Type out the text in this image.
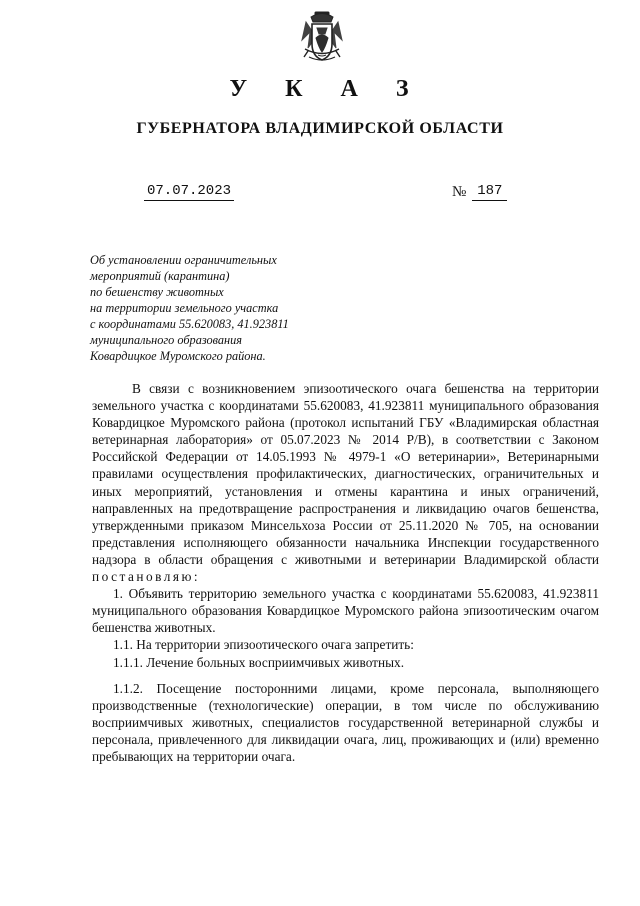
У К А З
ГУБЕРНАТОРА ВЛАДИМИРСКОЙ ОБЛАСТИ
07.07.2023	№ 187
Об установлении ограничительных
мероприятий (карантина)
по бешенству животных
на территории земельного участка
с координатами 55.620083, 41.923811
муниципального образования
Ковардицкое Муромского района.

В связи с возникновением эпизоотического очага бешенства на территории земельного участка с координатами 55.620083, 41.923811 муниципального образования Ковардицкое Муромского района (протокол испытаний ГБУ «Владимирская областная ветеринарная лаборатория» от 05.07.2023 № 2014 Р/В), в соответствии с Законом Российской Федерации от 14.05.1993 № 4979-1 «О ветеринарии», Ветеринарными правилами осуществления профилактических, диагностических, ограничительных и иных мероприятий, установления и отмены карантина и иных ограничений, направленных на предотвращение распространения и ликвидацию очагов бешенства, утвержденными приказом Минсельхоза России от 25.11.2020 № 705, на основании представления исполняющего обязанности начальника Инспекции государственного надзора в области обращения с животными и ветеринарии Владимирской области постановляю:

1. Объявить территорию земельного участка с координатами 55.620083, 41.923811 муниципального образования Ковардицкое Муромского района эпизоотическим очагом бешенства животных.

1.1. На территории эпизоотического очага запретить:

1.1.1. Лечение больных восприимчивых животных.

1.1.2. Посещение посторонними лицами, кроме персонала, выполняющего производственные (технологические) операции, в том числе по обслуживанию восприимчивых животных, специалистов государственной ветеринарной службы и персонала, привлеченного для ликвидации очага, лиц, проживающих и (или) временно пребывающих на территории очага.
